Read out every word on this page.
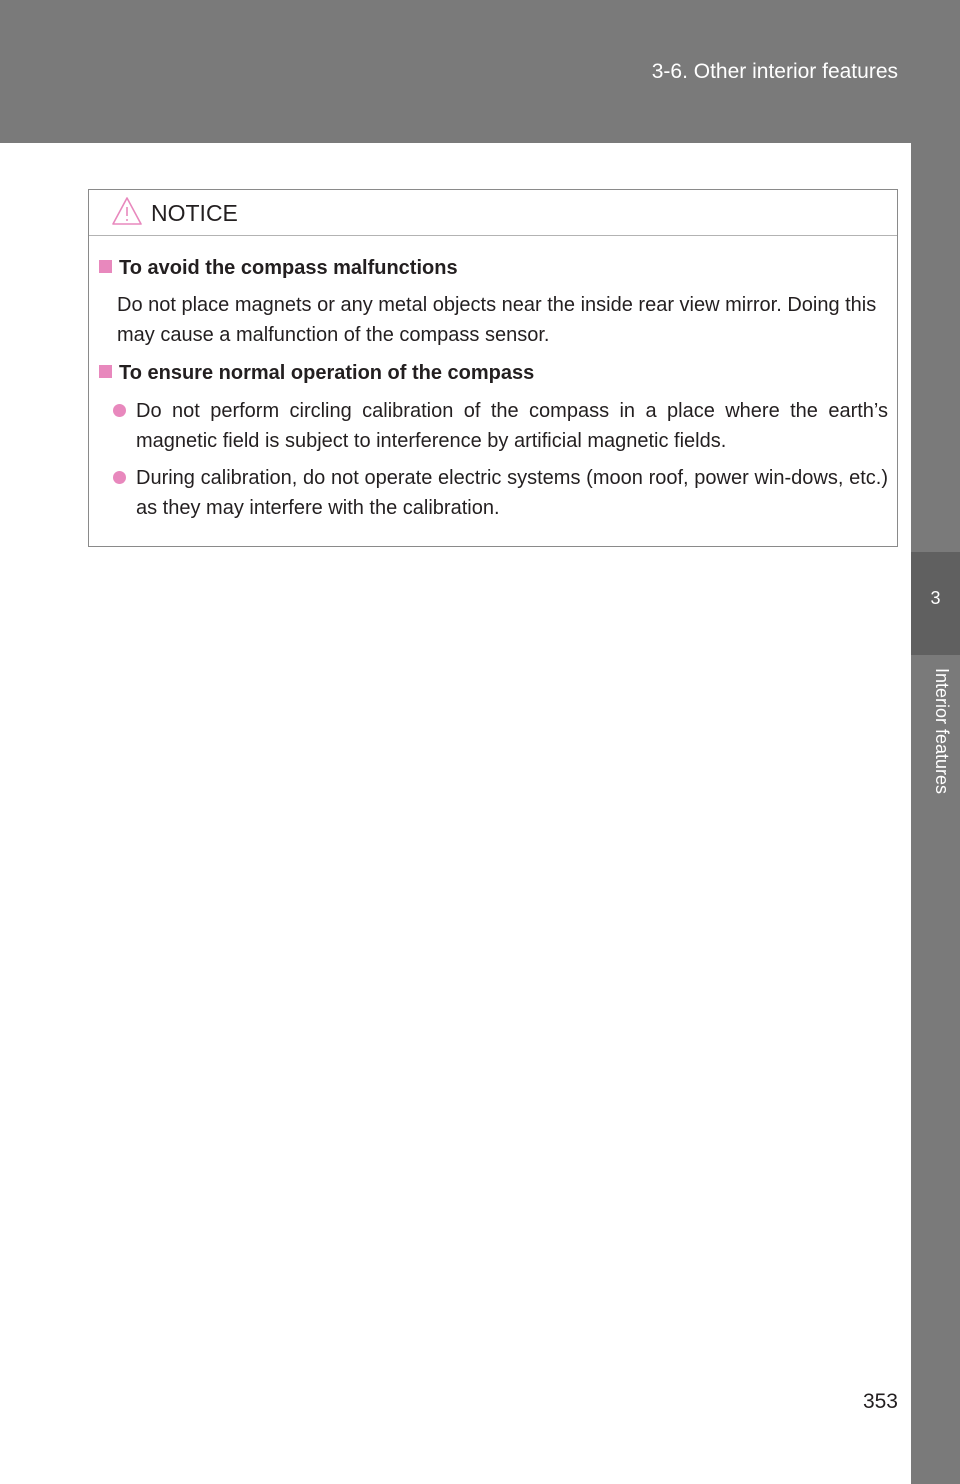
3-6. Other interior features
3
Interior features
NOTICE
To avoid the compass malfunctions
Do not place magnets or any metal objects near the inside rear view mirror. Doing this may cause a malfunction of the compass sensor.
To ensure normal operation of the compass
Do not perform circling calibration of the compass in a place where the earth’s magnetic field is subject to interference by artificial magnetic fields.
During calibration, do not operate electric systems (moon roof, power win-dows, etc.) as they may interfere with the calibration.
353
